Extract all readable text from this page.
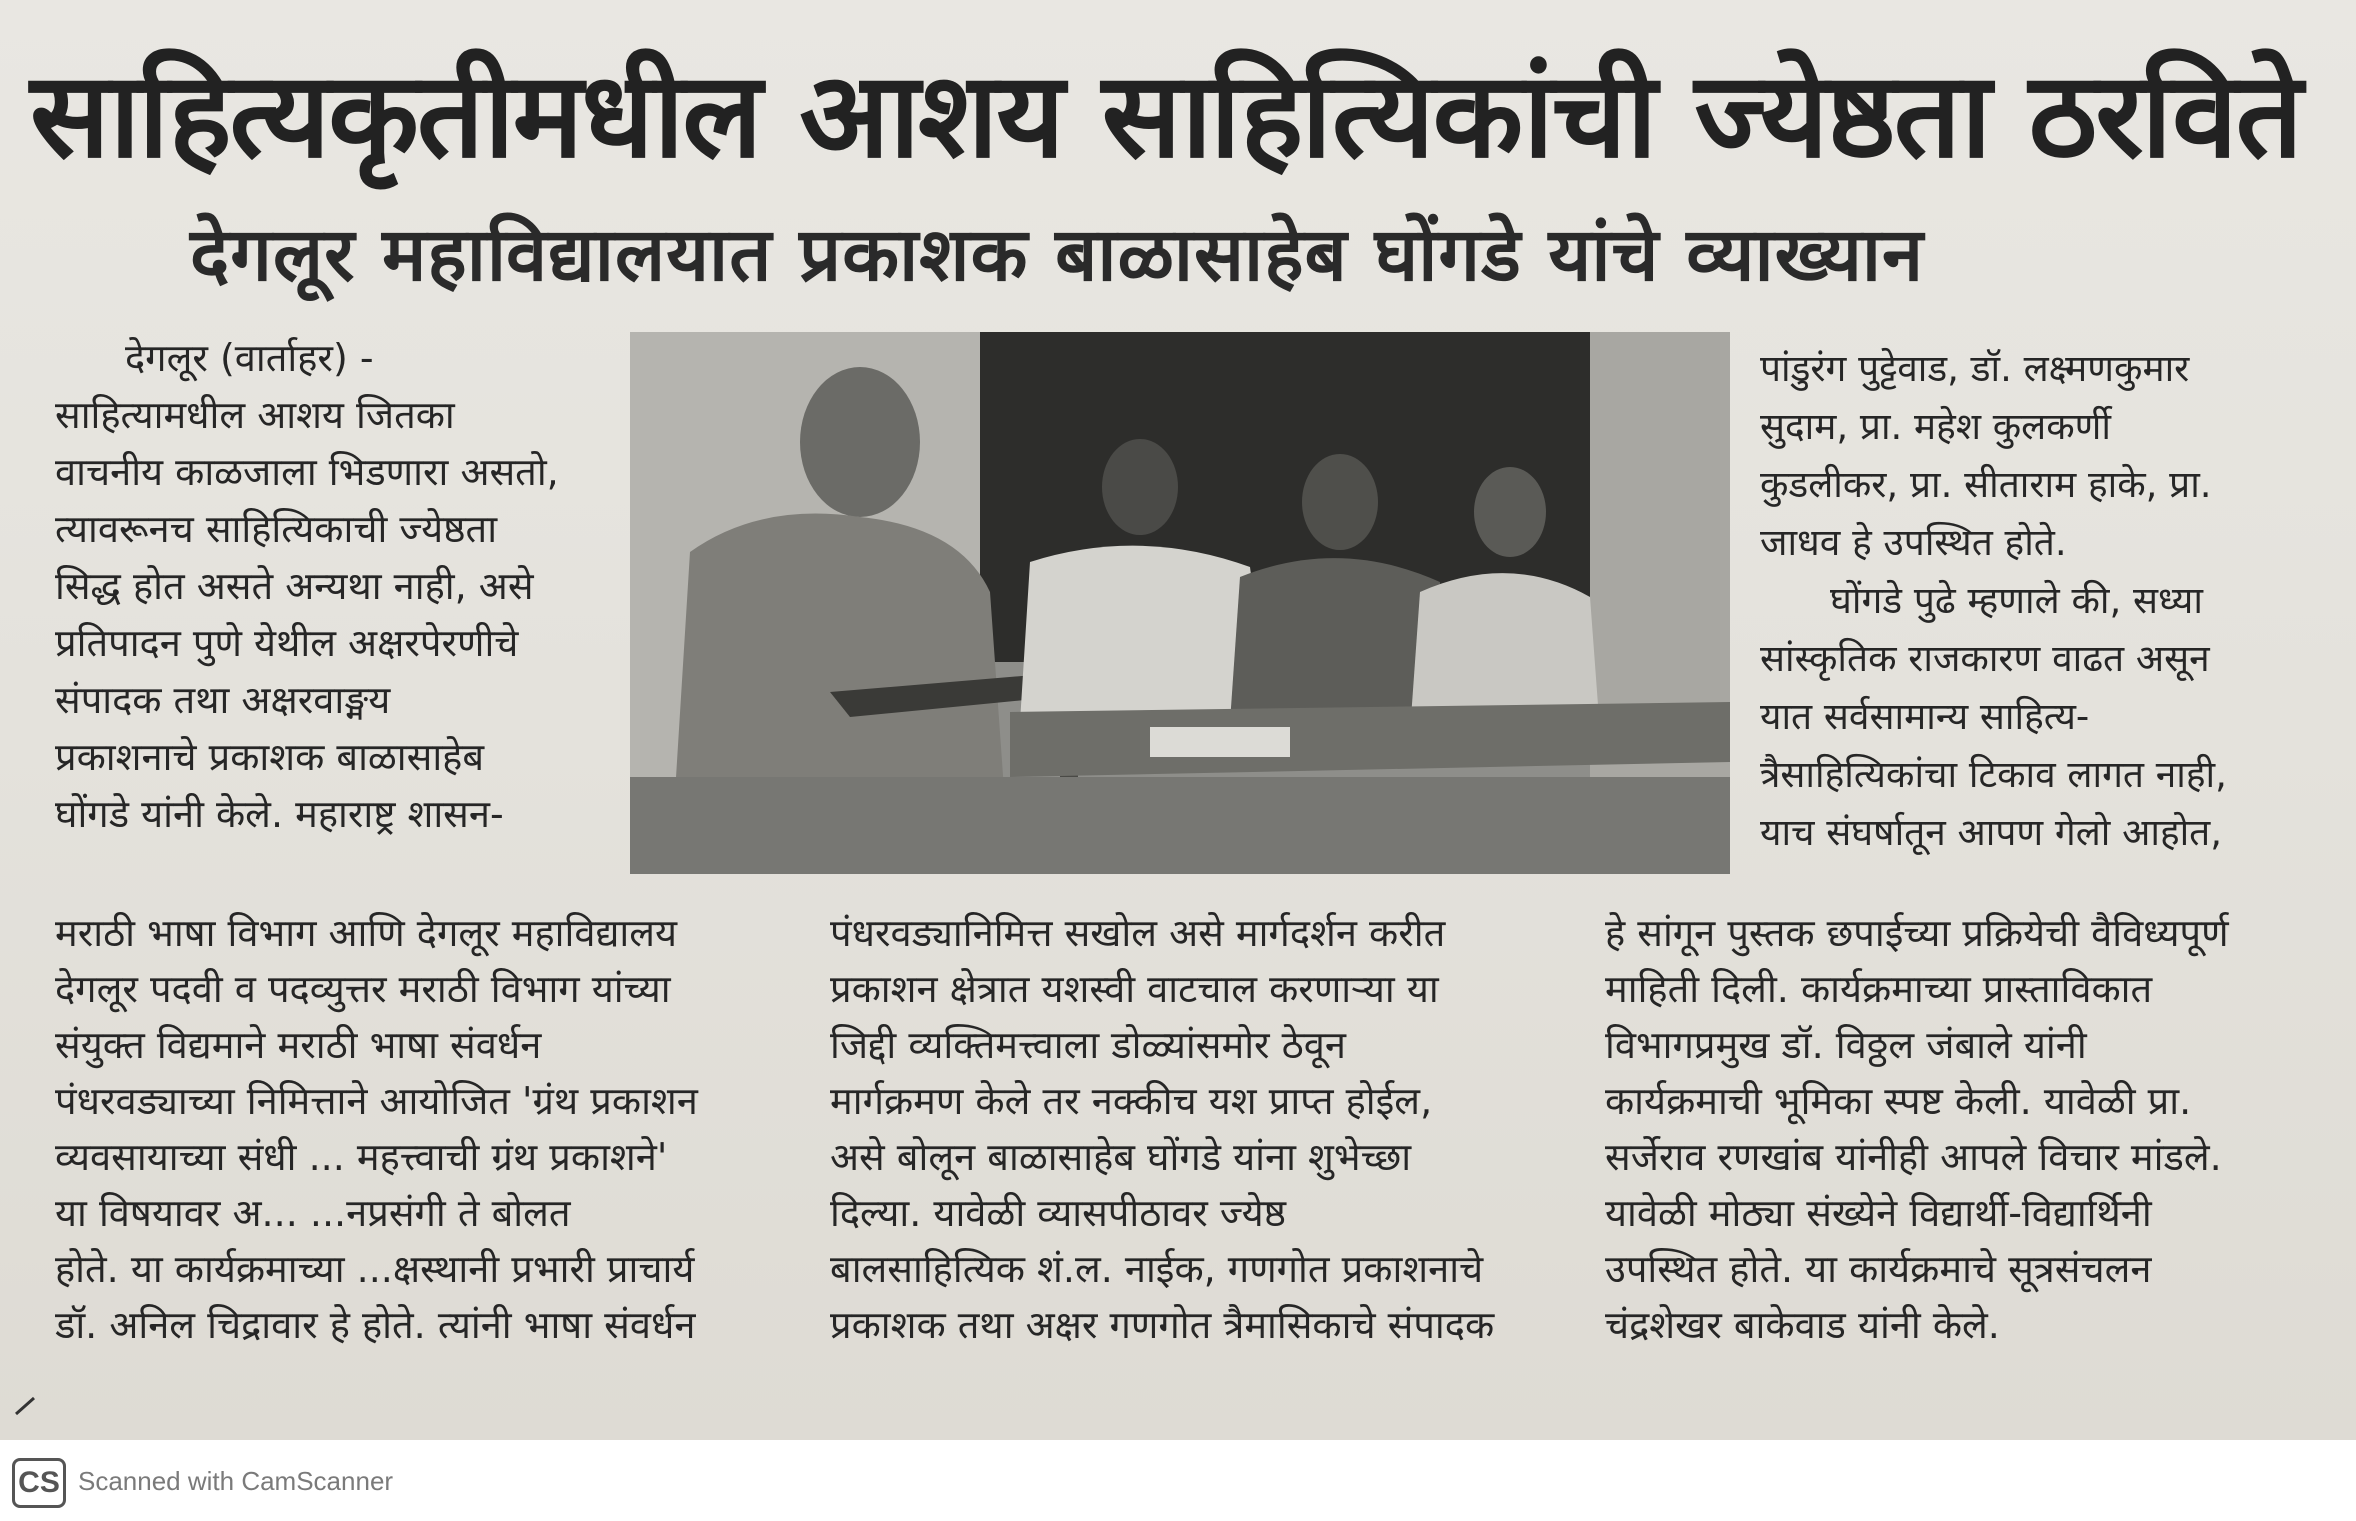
साहित्यकृतीमधील आशय साहित्यिकांची ज्येष्ठता ठरविते
देगलूर महाविद्यालयात प्रकाशक बाळासाहेब घोंगडे यांचे व्याख्यान
देगलूर (वार्ताहर) -
साहित्यामधील आशय जितका
वाचनीय काळजाला भिडणारा असतो,
त्यावरूनच साहित्यिकाची ज्येष्ठता
सिद्ध होत असते अन्यथा नाही, असे
प्रतिपादन पुणे येथील अक्षरपेरणीचे
संपादक तथा अक्षरवाङ्मय
प्रकाशनाचे प्रकाशक बाळासाहेब
घोंगडे यांनी केले. महाराष्ट्र शासन-
मराठी भाषा विभाग आणि देगलूर महाविद्यालय
देगलूर पदवी व पदव्युत्तर मराठी विभाग यांच्या
संयुक्त विद्यमाने मराठी भाषा संवर्धन
पंधरवड्याच्या निमित्ताने आयोजित 'ग्रंथ प्रकाशन
व्यवसायाच्या संधी ... महत्त्वाची ग्रंथ प्रकाशने'
या विषयावर अ... ...नप्रसंगी ते बोलत
होते. या कार्यक्रमाच्या ...क्षस्थानी प्रभारी प्राचार्य
डॉ. अनिल चिद्रावार हे होते. त्यांनी भाषा संवर्धन
पंधरवड्यानिमित्त सखोल असे मार्गदर्शन करीत
प्रकाशन क्षेत्रात यशस्वी वाटचाल करणाऱ्या या
जिद्दी व्यक्तिमत्त्वाला डोळ्यांसमोर ठेवून
मार्गक्रमण केले तर नक्कीच यश प्राप्त होईल,
असे बोलून बाळासाहेब घोंगडे यांना शुभेच्छा
दिल्या. यावेळी व्यासपीठावर ज्येष्ठ
बालसाहित्यिक शं.ल. नाईक, गणगोत प्रकाशनाचे
प्रकाशक तथा अक्षर गणगोत त्रैमासिकाचे संपादक
पांडुरंग पुट्टेवाड, डॉ. लक्ष्मणकुमार
सुदाम, प्रा. महेश कुलकर्णी
कुडलीकर, प्रा. सीताराम हाके, प्रा.
जाधव हे उपस्थित होते.
घोंगडे पुढे म्हणाले की, सध्या
सांस्कृतिक राजकारण वाढत असून
यात सर्वसामान्य साहित्य-
त्रैसाहित्यिकांचा टिकाव लागत नाही,
याच संघर्षातून आपण गेलो आहोत,
हे सांगून पुस्तक छपाईच्या प्रक्रियेची वैविध्यपूर्ण
माहिती दिली. कार्यक्रमाच्या प्रास्ताविकात
विभागप्रमुख डॉ. विठ्ठल जंबाले यांनी
कार्यक्रमाची भूमिका स्पष्ट केली. यावेळी प्रा.
सर्जेराव रणखांब यांनीही आपले विचार मांडले.
यावेळी मोठ्या संख्येने विद्यार्थी-विद्यार्थिनी
उपस्थित होते. या कार्यक्रमाचे सूत्रसंचलन
चंद्रशेखर बाकेवाड यांनी केले.
CS Scanned with CamScanner
